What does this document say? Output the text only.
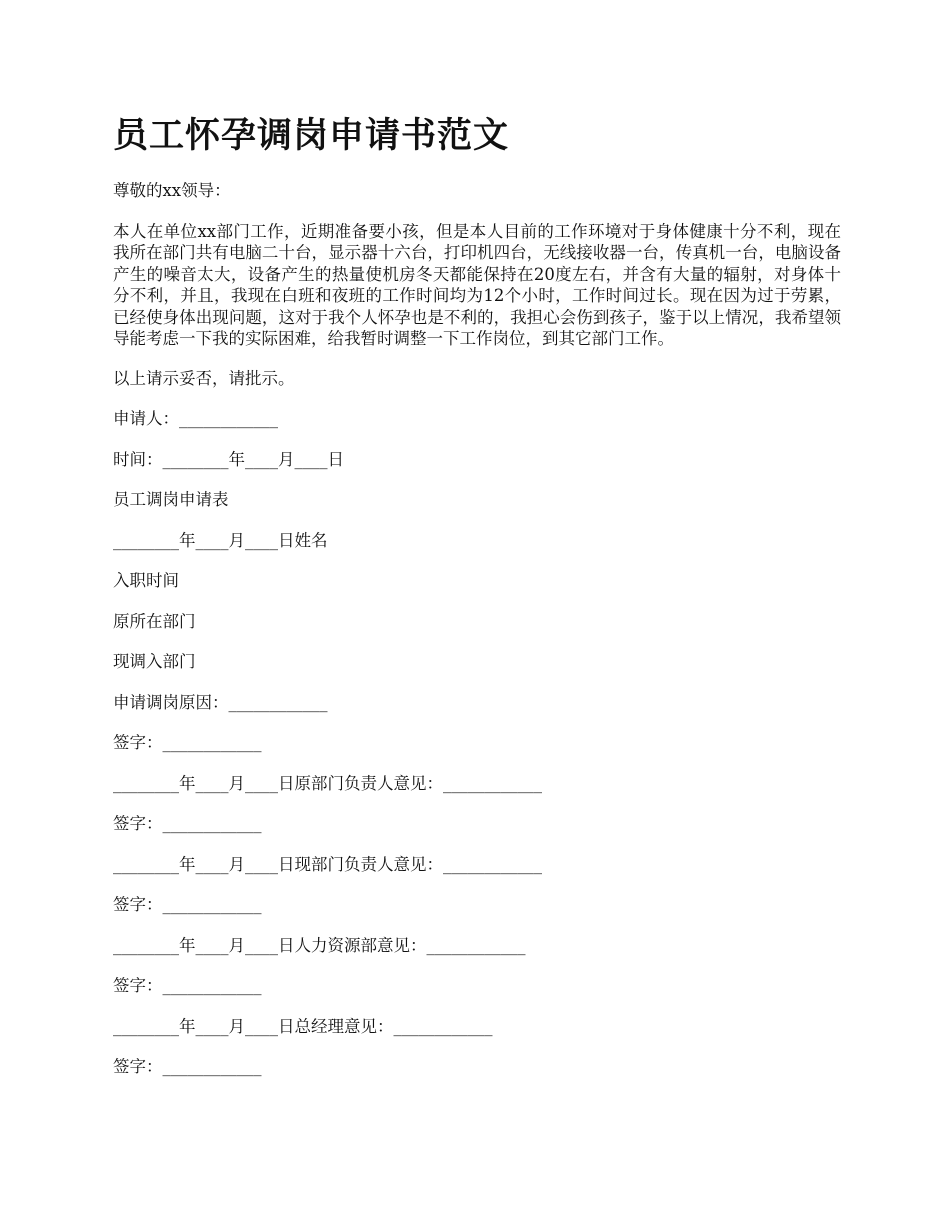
员工怀孕调岗申请书范文

尊敬的xx领导：

本人在单位xx部门工作，近期准备要小孩，但是本人目前的工作环境对于身体健康十分不利，现在我所在部门共有电脑二十台，显示器十六台，打印机四台，无线接收器一台，传真机一台，电脑设备产生的噪音太大，设备产生的热量使机房冬天都能保持在20度左右，并含有大量的辐射，对身体十分不利，并且，我现在白班和夜班的工作时间均为12个小时，工作时间过长。现在因为过于劳累，已经使身体出现问题，这对于我个人怀孕也是不利的，我担心会伤到孩子，鉴于以上情况，我希望领导能考虑一下我的实际困难，给我暂时调整一下工作岗位，到其它部门工作。

以上请示妥否，请批示。

申请人：____________
时间：________年____月____日
员工调岗申请表
________年____月____日姓名
入职时间
原所在部门
现调入部门
申请调岗原因：____________
签字：____________
________年____月____日原部门负责人意见：____________
签字：____________
________年____月____日现部门负责人意见：____________
签字：____________
________年____月____日人力资源部意见：____________
签字：____________
________年____月____日总经理意见：____________
签字：____________
